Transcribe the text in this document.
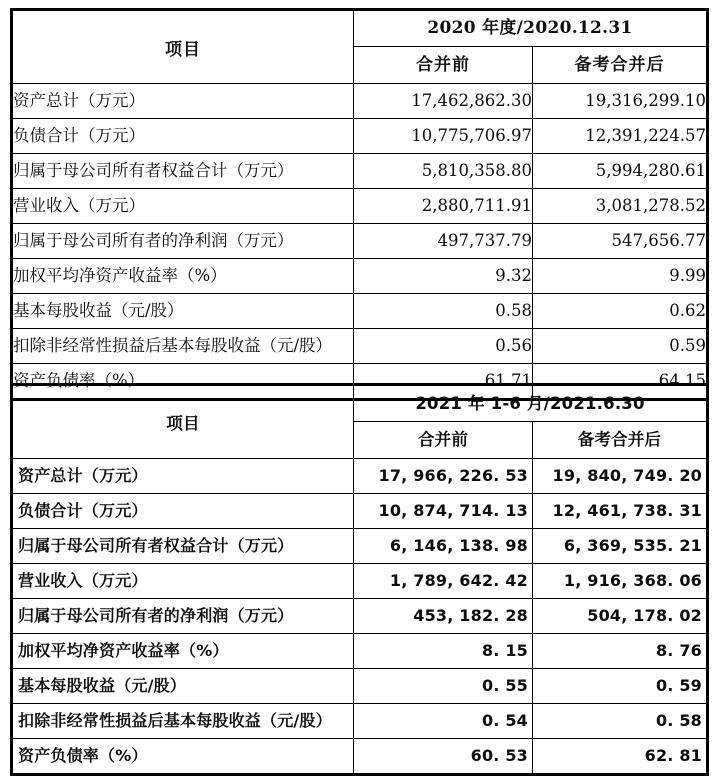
项目	2020 年度/2020.12.31	
	合并前	备考合并后
资产总计（万元）	17,462,862.30	19,316,299.10
负债合计（万元）	10,775,706.97	12,391,224.57
归属于母公司所有者权益合计（万元）	5,810,358.80	5,994,280.61
营业收入（万元）	2,880,711.91	3,081,278.52
归属于母公司所有者的净利润（万元）	497,737.79	547,656.77
加权平均净资产收益率（%）	9.32	9.99
基本每股收益（元/股）	0.58	0.62
扣除非经常性损益后基本每股收益（元/股）	0.56	0.59
资产负债率（%）	61.71	64.15
项目	2021 年 1-6 月/2021.6.30	
	合并前	备考合并后
资产总计（万元）	17, 966, 226. 53	19, 840, 749. 20
负债合计（万元）	10, 874, 714. 13	12, 461, 738. 31
归属于母公司所有者权益合计（万元）	6, 146, 138. 98	6, 369, 535. 21
营业收入（万元）	1, 789, 642. 42	1, 916, 368. 06
归属于母公司所有者的净利润（万元）	453, 182. 28	504, 178. 02
加权平均净资产收益率（%）	8. 15	8. 76
基本每股收益（元/股）	0. 55	0. 59
扣除非经常性损益后基本每股收益（元/股）	0. 54	0. 58
资产负债率（%）	60. 53	62. 81
